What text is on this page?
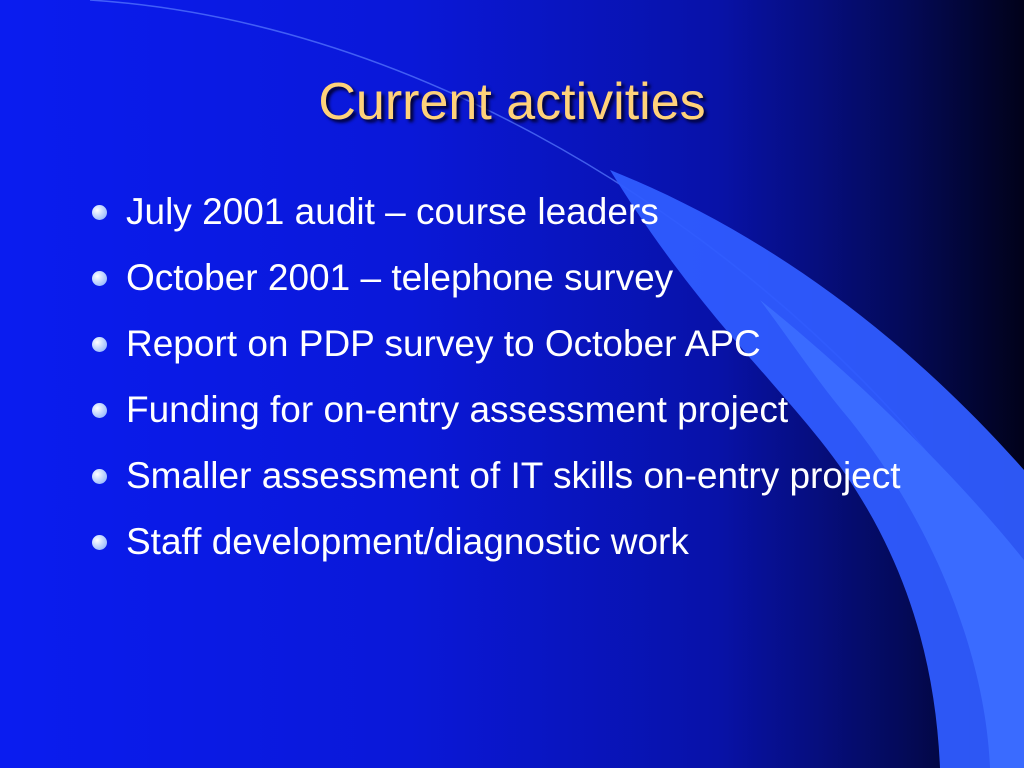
Current activities
July 2001 audit – course leaders
October 2001 – telephone survey
Report on PDP survey to October APC
Funding for on-entry assessment project
Smaller assessment of IT skills on-entry project
Staff development/diagnostic work
